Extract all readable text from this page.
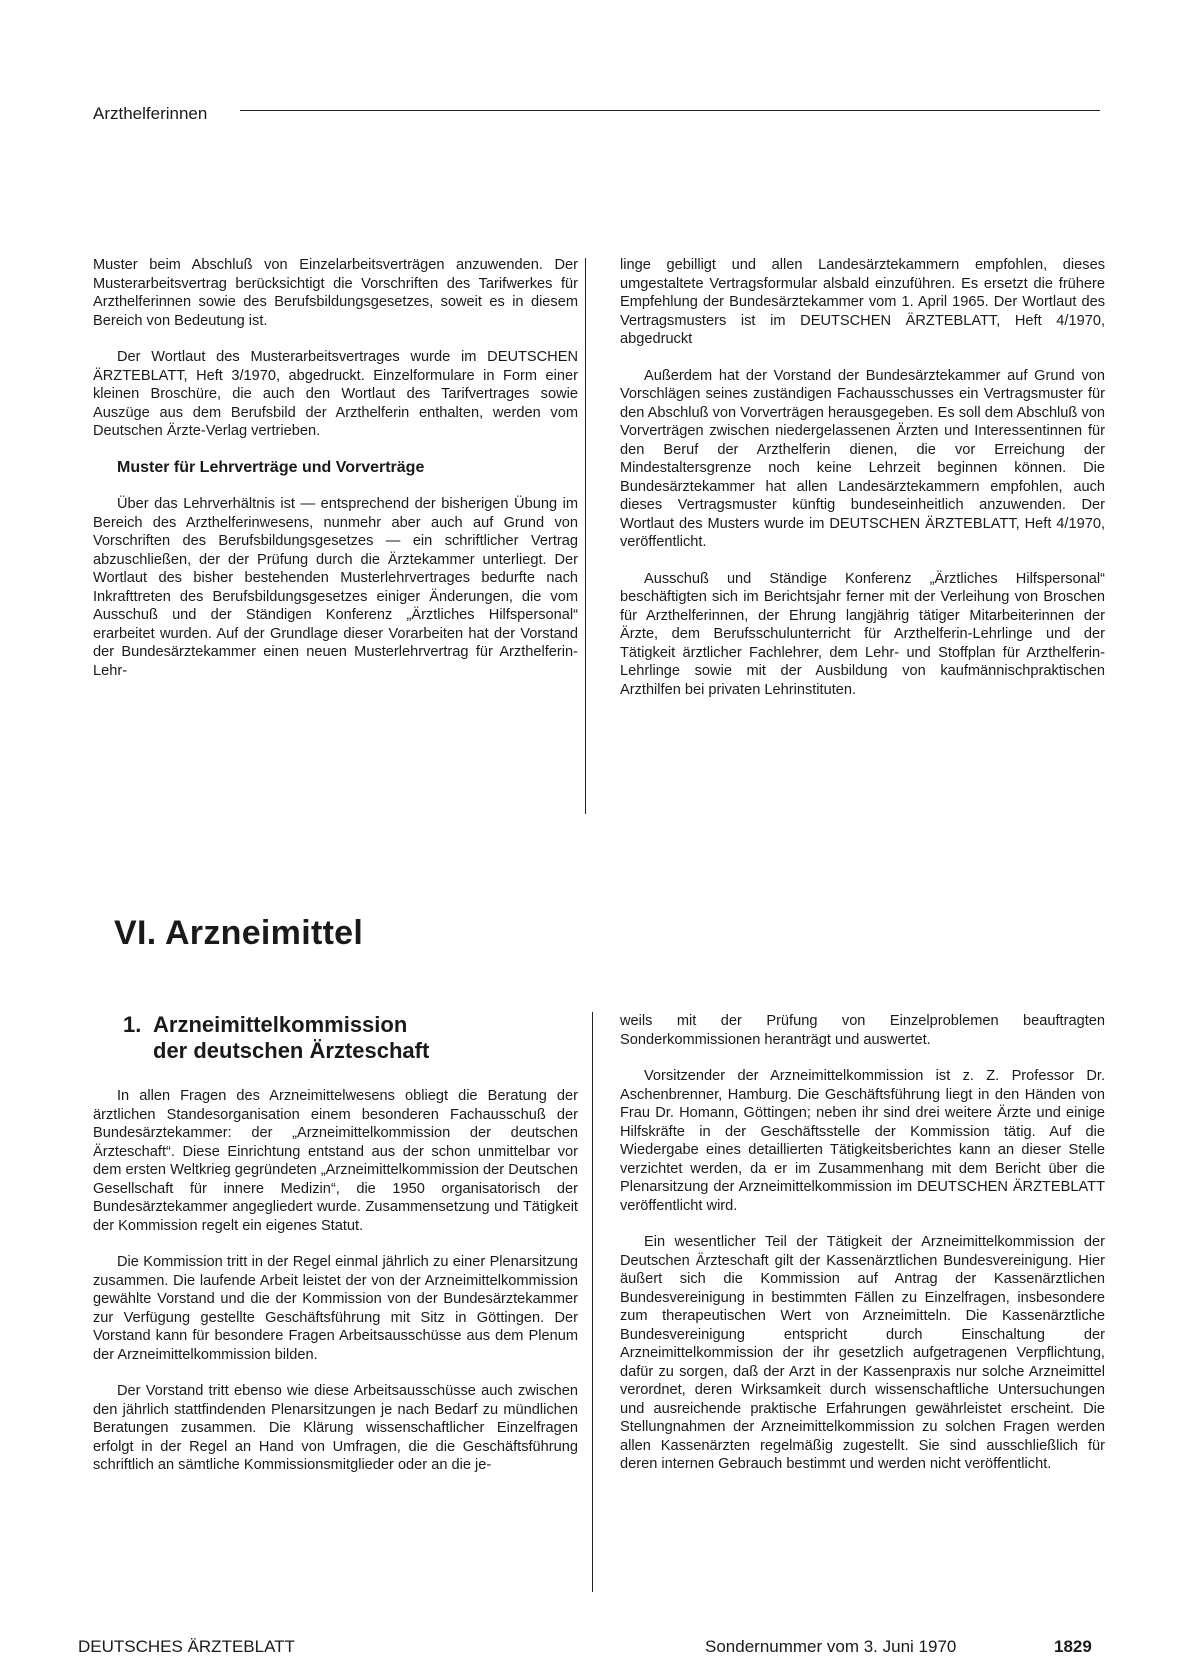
Arzthelferinnen

Muster beim Abschluß von Einzelarbeitsverträgen anzuwenden. Der Musterarbeitsvertrag berücksichtigt die Vorschriften des Tarifwerkes für Arzthelferinnen sowie des Berufsbildungsgesetzes, soweit es in diesem Bereich von Bedeutung ist.

Der Wortlaut des Musterarbeitsvertrages wurde im DEUTSCHEN ÄRZTEBLATT, Heft 3/1970, abgedruckt. Einzelformulare in Form einer kleinen Broschüre, die auch den Wortlaut des Tarifvertrages sowie Auszüge aus dem Berufsbild der Arzthelferin enthalten, werden vom Deutschen Ärzte-Verlag vertrieben.

Muster für Lehrverträge und Vorverträge

Über das Lehrverhältnis ist — entsprechend der bisherigen Übung im Bereich des Arzthelferinwesens, nunmehr aber auch auf Grund von Vorschriften des Berufsbildungsgesetzes — ein schriftlicher Vertrag abzuschließen, der der Prüfung durch die Ärztekammer unterliegt. Der Wortlaut des bisher bestehenden Musterlehrvertrages bedurfte nach Inkrafttreten des Berufsbildungsgesetzes einiger Änderungen, die vom Ausschuß und der Ständigen Konferenz „Ärztliches Hilfspersonal“ erarbeitet wurden. Auf der Grundlage dieser Vorarbeiten hat der Vorstand der Bundesärztekammer einen neuen Musterlehrvertrag für Arzthelferin-Lehr-

linge gebilligt und allen Landesärztekammern empfohlen, dieses umgestaltete Vertragsformular alsbald einzuführen. Es ersetzt die frühere Empfehlung der Bundesärztekammer vom 1. April 1965. Der Wortlaut des Vertragsmusters ist im DEUTSCHEN ÄRZTEBLATT, Heft 4/1970, abgedruckt

Außerdem hat der Vorstand der Bundesärztekammer auf Grund von Vorschlägen seines zuständigen Fachausschusses ein Vertragsmuster für den Abschluß von Vorverträgen herausgegeben. Es soll dem Abschluß von Vorverträgen zwischen niedergelassenen Ärzten und Interessentinnen für den Beruf der Arzthelferin dienen, die vor Erreichung der Mindestaltersgrenze noch keine Lehrzeit beginnen können. Die Bundesärztekammer hat allen Landesärztekammern empfohlen, auch dieses Vertragsmuster künftig bundeseinheitlich anzuwenden. Der Wortlaut des Musters wurde im DEUTSCHEN ÄRZTEBLATT, Heft 4/1970, veröffentlicht.

Ausschuß und Ständige Konferenz „Ärztliches Hilfspersonal“ beschäftigten sich im Berichtsjahr ferner mit der Verleihung von Broschen für Arzthelferinnen, der Ehrung langjährig tätiger Mitarbeiterinnen der Ärzte, dem Berufsschulunterricht für Arzthelferin-Lehrlinge und der Tätigkeit ärztlicher Fachlehrer, dem Lehr- und Stoffplan für Arzthelferin-Lehrlinge sowie mit der Ausbildung von kaufmännischpraktischen Arzthilfen bei privaten Lehrinstituten.

VI. Arzneimittel
1. Arzneimittelkommission
der deutschen Ärzteschaft

In allen Fragen des Arzneimittelwesens obliegt die Beratung der ärztlichen Standesorganisation einem besonderen Fachausschuß der Bundesärztekammer: der „Arzneimittelkommission der deutschen Ärzteschaft“. Diese Einrichtung entstand aus der schon unmittelbar vor dem ersten Weltkrieg gegründeten „Arzneimittelkommission der Deutschen Gesellschaft für innere Medizin“, die 1950 organisatorisch der Bundesärztekammer angegliedert wurde. Zusammensetzung und Tätigkeit der Kommission regelt ein eigenes Statut.

Die Kommission tritt in der Regel einmal jährlich zu einer Plenarsitzung zusammen. Die laufende Arbeit leistet der von der Arzneimittelkommission gewählte Vorstand und die der Kommission von der Bundesärztekammer zur Verfügung gestellte Geschäftsführung mit Sitz in Göttingen. Der Vorstand kann für besondere Fragen Arbeitsausschüsse aus dem Plenum der Arzneimittelkommission bilden.

Der Vorstand tritt ebenso wie diese Arbeitsausschüsse auch zwischen den jährlich stattfindenden Plenarsitzungen je nach Bedarf zu mündlichen Beratungen zusammen. Die Klärung wissenschaftlicher Einzelfragen erfolgt in der Regel an Hand von Umfragen, die die Geschäftsführung schriftlich an sämtliche Kommissionsmitglieder oder an die je-

weils mit der Prüfung von Einzelproblemen beauftragten Sonderkommissionen heranträgt und auswertet.

Vorsitzender der Arzneimittelkommission ist z. Z. Professor Dr. Aschenbrenner, Hamburg. Die Geschäftsführung liegt in den Händen von Frau Dr. Homann, Göttingen; neben ihr sind drei weitere Ärzte und einige Hilfskräfte in der Geschäftsstelle der Kommission tätig. Auf die Wiedergabe eines detaillierten Tätigkeitsberichtes kann an dieser Stelle verzichtet werden, da er im Zusammenhang mit dem Bericht über die Plenarsitzung der Arzneimittelkommission im DEUTSCHEN ÄRZTEBLATT veröffentlicht wird.

Ein wesentlicher Teil der Tätigkeit der Arzneimittelkommission der Deutschen Ärzteschaft gilt der Kassenärztlichen Bundesvereinigung. Hier äußert sich die Kommission auf Antrag der Kassenärztlichen Bundesvereinigung in bestimmten Fällen zu Einzelfragen, insbesondere zum therapeutischen Wert von Arzneimitteln. Die Kassenärztliche Bundesvereinigung entspricht durch Einschaltung der Arzneimittelkommission der ihr gesetzlich aufgetragenen Verpflichtung, dafür zu sorgen, daß der Arzt in der Kassenpraxis nur solche Arzneimittel verordnet, deren Wirksamkeit durch wissenschaftliche Untersuchungen und ausreichende praktische Erfahrungen gewährleistet erscheint. Die Stellungnahmen der Arzneimittelkommission zu solchen Fragen werden allen Kassenärzten regelmäßig zugestellt. Sie sind ausschließlich für deren internen Gebrauch bestimmt und werden nicht veröffentlicht.

DEUTSCHES ÄRZTEBLATT	Sondernummer vom 3. Juni 1970	1829
